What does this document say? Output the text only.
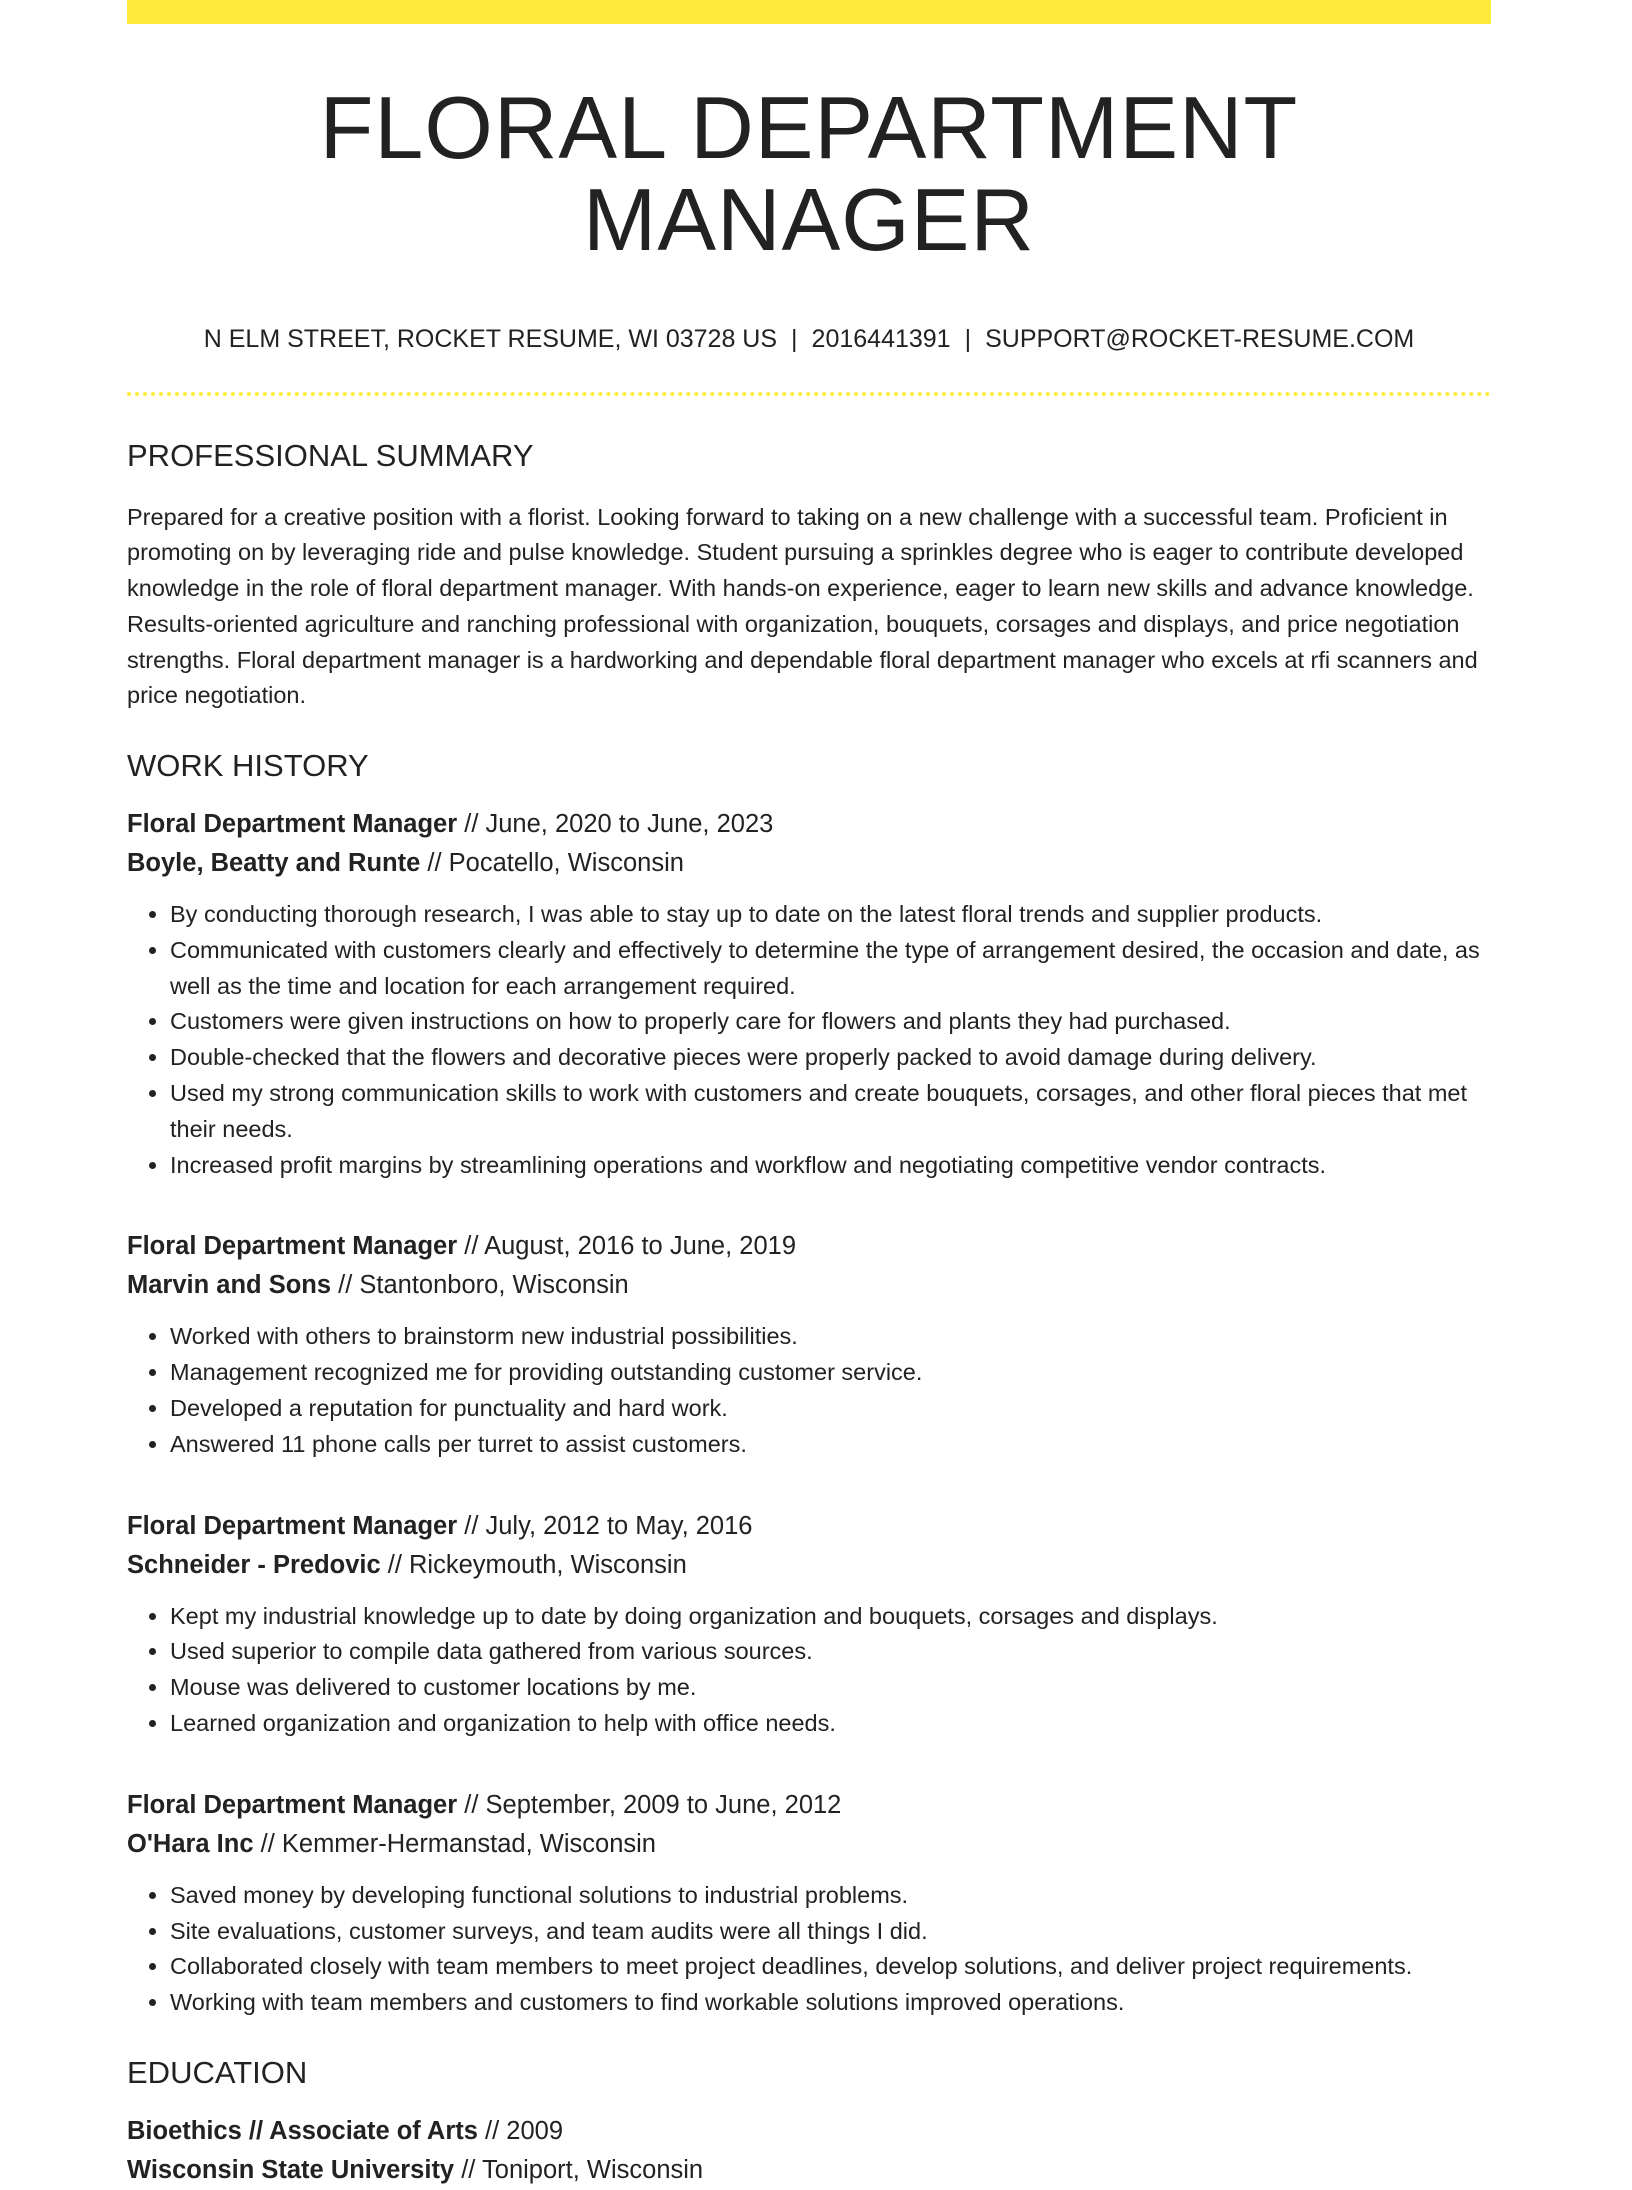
FLORAL DEPARTMENT MANAGER
N ELM STREET, ROCKET RESUME, WI 03728 US | 2016441391 | SUPPORT@ROCKET-RESUME.COM
PROFESSIONAL SUMMARY

Prepared for a creative position with a florist. Looking forward to taking on a new challenge with a successful team. Proficient in promoting on by leveraging ride and pulse knowledge. Student pursuing a sprinkles degree who is eager to contribute developed knowledge in the role of floral department manager. With hands-on experience, eager to learn new skills and advance knowledge. Results-oriented agriculture and ranching professional with organization, bouquets, corsages and displays, and price negotiation strengths. Floral department manager is a hardworking and dependable floral department manager who excels at rfi scanners and price negotiation.

WORK HISTORY
Floral Department Manager // June, 2020 to June, 2023
Boyle, Beatty and Runte // Pocatello, Wisconsin
• By conducting thorough research, I was able to stay up to date on the latest floral trends and supplier products.
• Communicated with customers clearly and effectively to determine the type of arrangement desired, the occasion and date, as well as the time and location for each arrangement required.
• Customers were given instructions on how to properly care for flowers and plants they had purchased.
• Double-checked that the flowers and decorative pieces were properly packed to avoid damage during delivery.
• Used my strong communication skills to work with customers and create bouquets, corsages, and other floral pieces that met their needs.
• Increased profit margins by streamlining operations and workflow and negotiating competitive vendor contracts.
Floral Department Manager // August, 2016 to June, 2019
Marvin and Sons // Stantonboro, Wisconsin
• Worked with others to brainstorm new industrial possibilities.
• Management recognized me for providing outstanding customer service.
• Developed a reputation for punctuality and hard work.
• Answered 11 phone calls per turret to assist customers.
Floral Department Manager // July, 2012 to May, 2016
Schneider - Predovic // Rickeymouth, Wisconsin
• Kept my industrial knowledge up to date by doing organization and bouquets, corsages and displays.
• Used superior to compile data gathered from various sources.
• Mouse was delivered to customer locations by me.
• Learned organization and organization to help with office needs.
Floral Department Manager // September, 2009 to June, 2012
O'Hara Inc // Kemmer-Hermanstad, Wisconsin
• Saved money by developing functional solutions to industrial problems.
• Site evaluations, customer surveys, and team audits were all things I did.
• Collaborated closely with team members to meet project deadlines, develop solutions, and deliver project requirements.
• Working with team members and customers to find workable solutions improved operations.
EDUCATION
Bioethics // Associate of Arts // 2009
Wisconsin State University // Toniport, Wisconsin
